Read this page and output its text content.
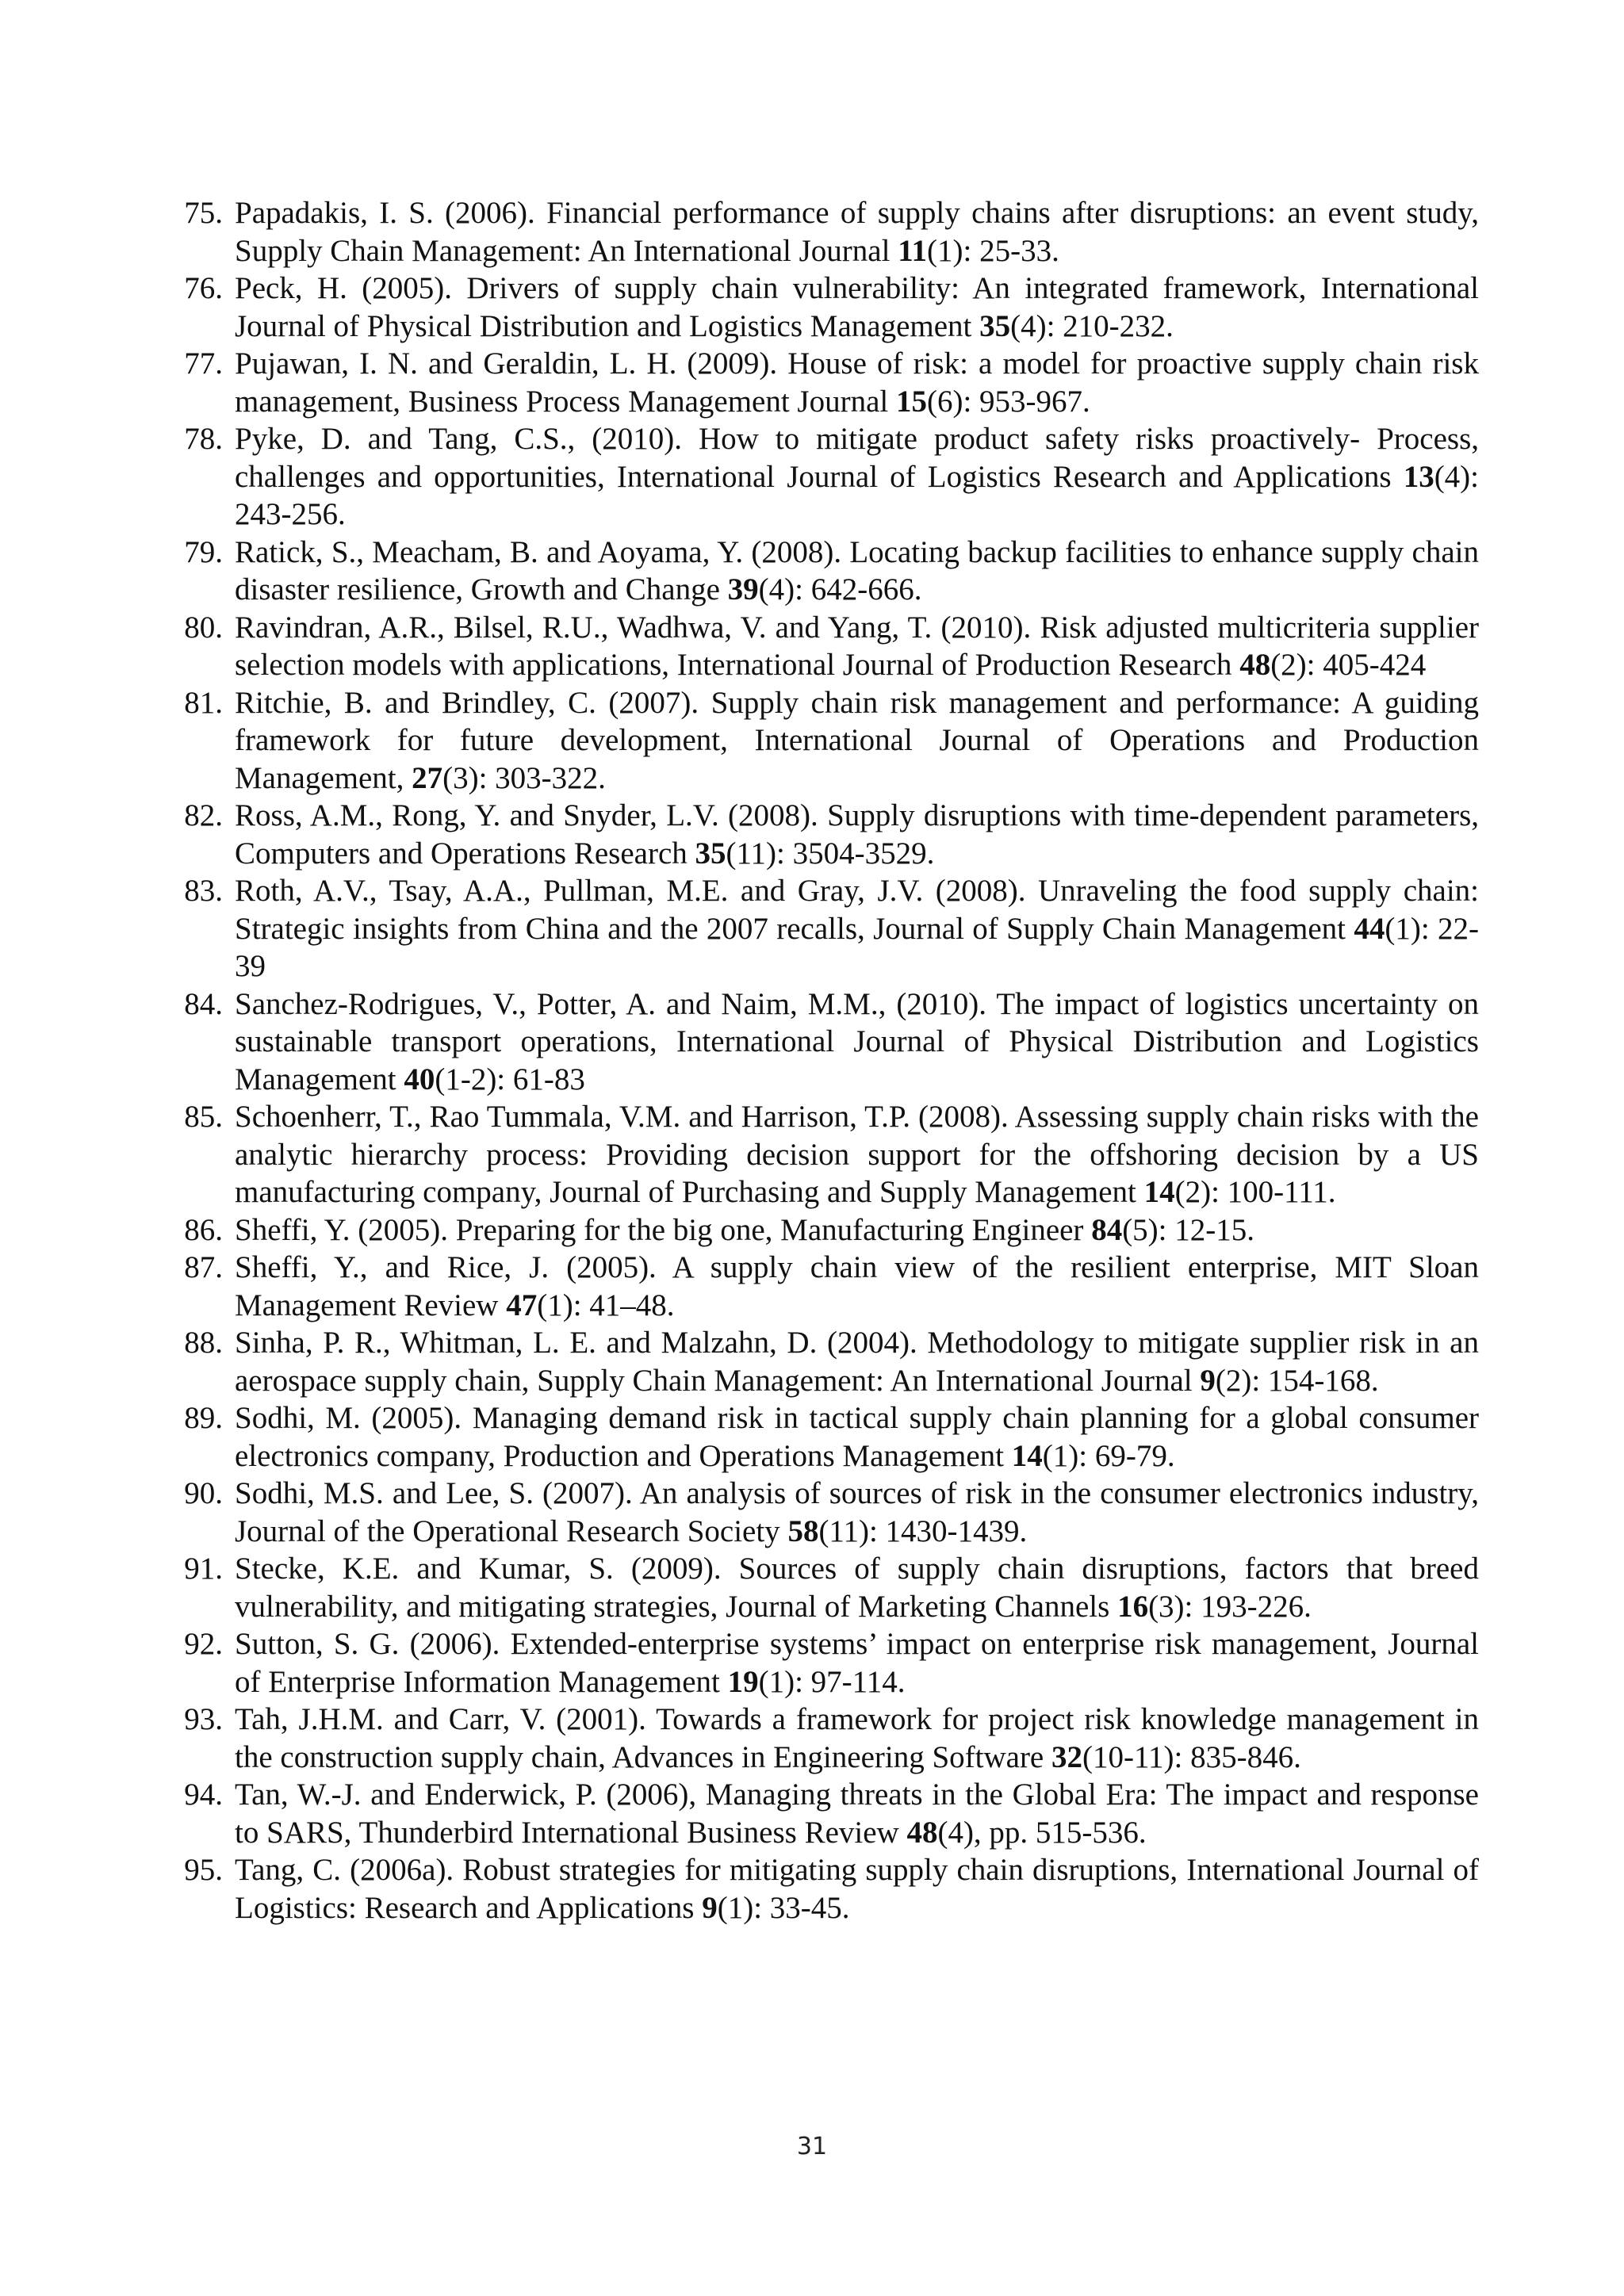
75. Papadakis, I. S. (2006). Financial performance of supply chains after disruptions: an event study, Supply Chain Management: An International Journal 11(1): 25-33.
76. Peck, H. (2005). Drivers of supply chain vulnerability: An integrated framework, International Journal of Physical Distribution and Logistics Management 35(4): 210-232.
77. Pujawan, I. N. and Geraldin, L. H. (2009). House of risk: a model for proactive supply chain risk management, Business Process Management Journal 15(6): 953-967.
78. Pyke, D. and Tang, C.S., (2010). How to mitigate product safety risks proactively- Process, challenges and opportunities, International Journal of Logistics Research and Applications 13(4): 243-256.
79. Ratick, S., Meacham, B. and Aoyama, Y. (2008). Locating backup facilities to enhance supply chain disaster resilience, Growth and Change 39(4): 642-666.
80. Ravindran, A.R., Bilsel, R.U., Wadhwa, V. and Yang, T. (2010). Risk adjusted multicriteria supplier selection models with applications, International Journal of Production Research 48(2): 405-424
81. Ritchie, B. and Brindley, C. (2007). Supply chain risk management and performance: A guiding framework for future development, International Journal of Operations and Production Management, 27(3): 303-322.
82. Ross, A.M., Rong, Y. and Snyder, L.V. (2008). Supply disruptions with time-dependent parameters, Computers and Operations Research 35(11): 3504-3529.
83. Roth, A.V., Tsay, A.A., Pullman, M.E. and Gray, J.V. (2008). Unraveling the food supply chain: Strategic insights from China and the 2007 recalls, Journal of Supply Chain Management 44(1): 22-39
84. Sanchez-Rodrigues, V., Potter, A. and Naim, M.M., (2010). The impact of logistics uncertainty on sustainable transport operations, International Journal of Physical Distribution and Logistics Management 40(1-2): 61-83
85. Schoenherr, T., Rao Tummala, V.M. and Harrison, T.P. (2008). Assessing supply chain risks with the analytic hierarchy process: Providing decision support for the offshoring decision by a US manufacturing company, Journal of Purchasing and Supply Management 14(2): 100-111.
86. Sheffi, Y. (2005). Preparing for the big one, Manufacturing Engineer 84(5): 12-15.
87. Sheffi, Y., and Rice, J. (2005). A supply chain view of the resilient enterprise, MIT Sloan Management Review 47(1): 41–48.
88. Sinha, P. R., Whitman, L. E. and Malzahn, D. (2004). Methodology to mitigate supplier risk in an aerospace supply chain, Supply Chain Management: An International Journal 9(2): 154-168.
89. Sodhi, M. (2005). Managing demand risk in tactical supply chain planning for a global consumer electronics company, Production and Operations Management 14(1): 69-79.
90. Sodhi, M.S. and Lee, S. (2007). An analysis of sources of risk in the consumer electronics industry, Journal of the Operational Research Society 58(11): 1430-1439.
91. Stecke, K.E. and Kumar, S. (2009). Sources of supply chain disruptions, factors that breed vulnerability, and mitigating strategies, Journal of Marketing Channels 16(3): 193-226.
92. Sutton, S. G. (2006). Extended-enterprise systems’ impact on enterprise risk management, Journal of Enterprise Information Management 19(1): 97-114.
93. Tah, J.H.M. and Carr, V. (2001). Towards a framework for project risk knowledge management in the construction supply chain, Advances in Engineering Software 32(10-11): 835-846.
94. Tan, W.-J. and Enderwick, P. (2006), Managing threats in the Global Era: The impact and response to SARS, Thunderbird International Business Review 48(4), pp. 515-536.
95. Tang, C. (2006a). Robust strategies for mitigating supply chain disruptions, International Journal of Logistics: Research and Applications 9(1): 33-45.
31
